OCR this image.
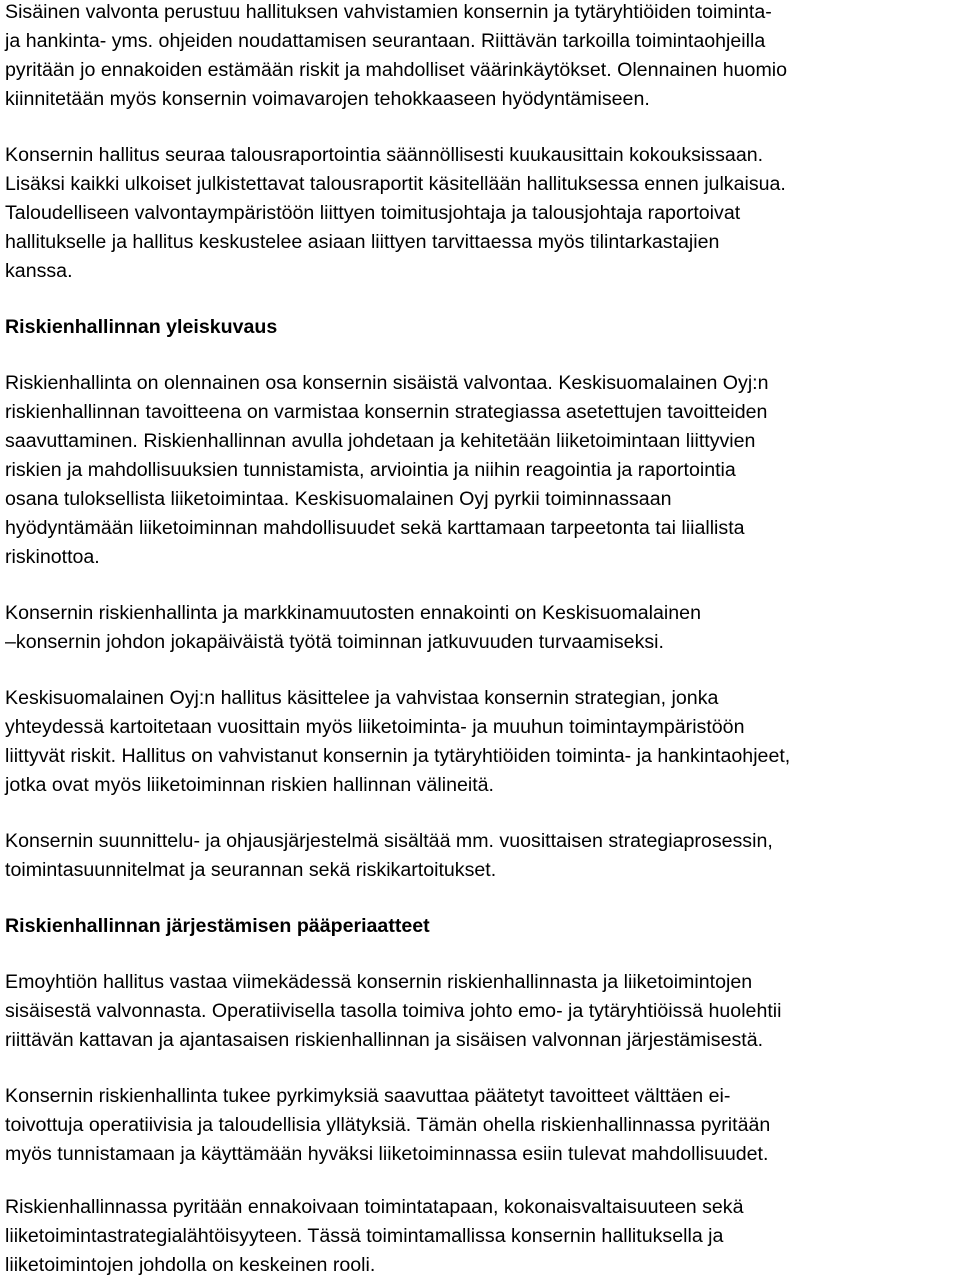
Sisäinen valvonta perustuu hallituksen vahvistamien konsernin ja tytäryhtiöiden toiminta-
ja hankinta- yms. ohjeiden noudattamisen seurantaan. Riittävän tarkoilla toimintaohjeilla
pyritään jo ennakoiden estämään riskit ja mahdolliset väärinkäytökset. Olennainen huomio
kiinnitetään myös konsernin voimavarojen tehokkaaseen hyödyntämiseen.

Konsernin hallitus seuraa talousraportointia säännöllisesti kuukausittain kokouksissaan.
Lisäksi kaikki ulkoiset julkistettavat talousraportit käsitellään hallituksessa ennen julkaisua.
Taloudelliseen valvontaympäristöön liittyen toimitusjohtaja ja talousjohtaja raportoivat
hallitukselle ja hallitus keskustelee asiaan liittyen tarvittaessa myös tilintarkastajien
kanssa.

Riskienhallinnan yleiskuvaus

Riskienhallinta on olennainen osa konsernin sisäistä valvontaa. Keskisuomalainen Oyj:n
riskienhallinnan tavoitteena on varmistaa konsernin strategiassa asetettujen tavoitteiden
saavuttaminen. Riskienhallinnan avulla johdetaan ja kehitetään liiketoimintaan liittyvien
riskien ja mahdollisuuksien tunnistamista, arviointia ja niihin reagointia ja raportointia
osana tuloksellista liiketoimintaa. Keskisuomalainen Oyj pyrkii toiminnassaan
hyödyntämään liiketoiminnan mahdollisuudet sekä karttamaan tarpeetonta tai liiallista
riskinottoa.

Konsernin riskienhallinta ja markkinamuutosten ennakointi on Keskisuomalainen
–konsernin johdon jokapäiväistä työtä toiminnan jatkuvuuden turvaamiseksi.

Keskisuomalainen Oyj:n hallitus käsittelee ja vahvistaa konsernin strategian, jonka
yhteydessä kartoitetaan vuosittain myös liiketoiminta- ja muuhun toimintaympäristöön
liittyvät riskit. Hallitus on vahvistanut konsernin ja tytäryhtiöiden toiminta- ja hankintaohjeet,
jotka ovat myös liiketoiminnan riskien hallinnan välineitä.

Konsernin suunnittelu- ja ohjausjärjestelmä sisältää mm. vuosittaisen strategiaprosessin,
toimintasuunnitelmat ja seurannan sekä riskikartoitukset.

Riskienhallinnan järjestämisen pääperiaatteet

Emoyhtiön hallitus vastaa viimekädessä konsernin riskienhallinnasta ja liiketoimintojen
sisäisestä valvonnasta. Operatiivisella tasolla toimiva johto emo- ja tytäryhtiöissä huolehtii
riittävän kattavan ja ajantasaisen riskienhallinnan ja sisäisen valvonnan järjestämisestä.

Konsernin riskienhallinta tukee pyrkimyksiä saavuttaa päätetyt tavoitteet välttäen ei-
toivottuja operatiivisia ja taloudellisia yllätyksiä. Tämän ohella riskienhallinnassa pyritään
myös tunnistamaan ja käyttämään hyväksi liiketoiminnassa esiin tulevat mahdollisuudet.

Riskienhallinnassa pyritään ennakoivaan toimintatapaan, kokonaisvaltaisuuteen sekä
liiketoimintastrategialähtöisyyteen. Tässä toimintamallissa konsernin hallituksella ja
liiketoimintojen johdolla on keskeinen rooli.
